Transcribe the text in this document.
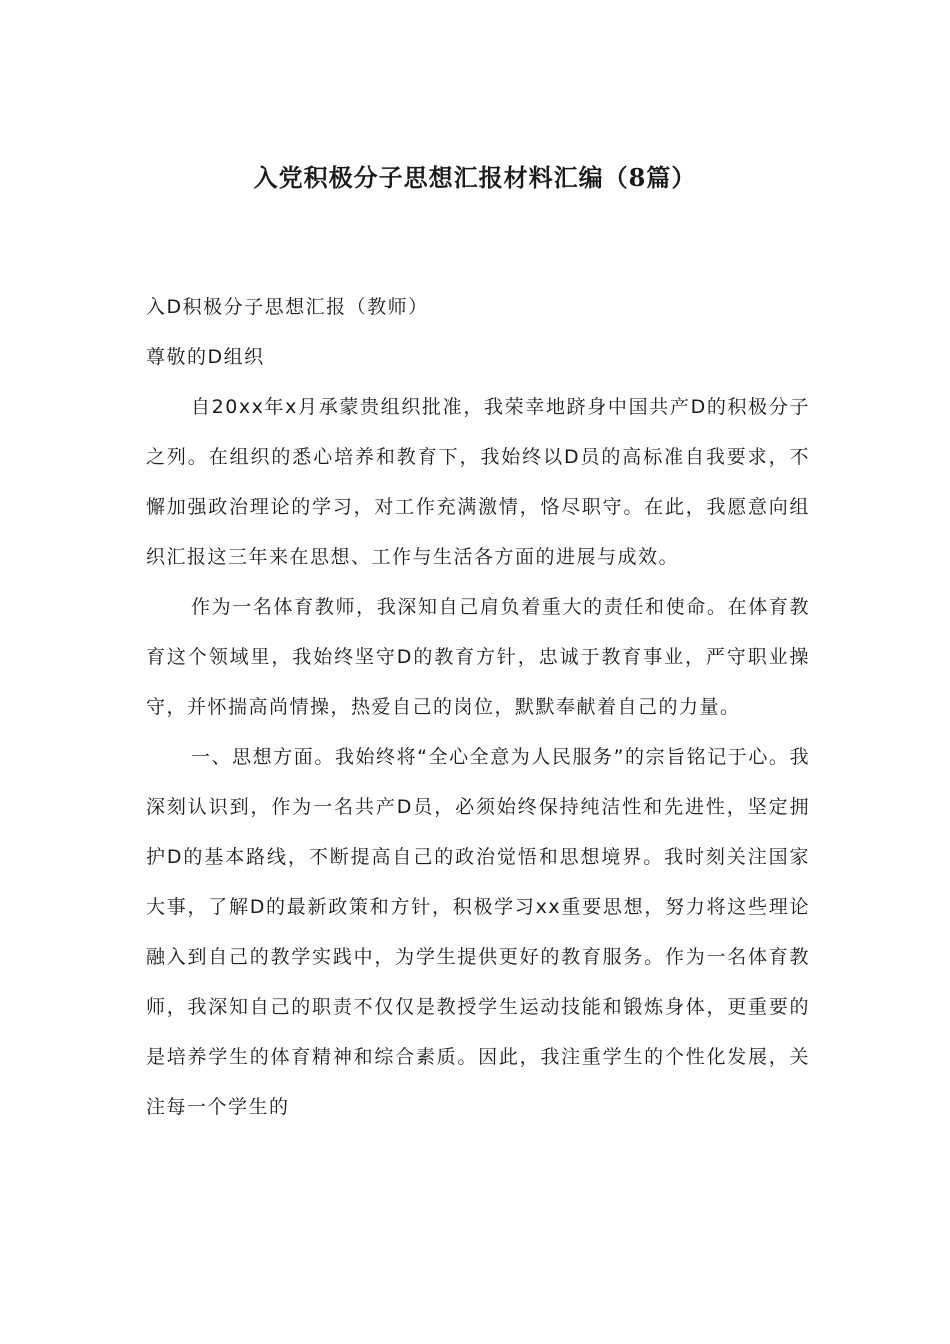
入党积极分子思想汇报材料汇编（8篇）

入D积极分子思想汇报（教师）

尊敬的D组织

自20xx年x月承蒙贵组织批准，我荣幸地跻身中国共产D的积极分子之列。在组织的悉心培养和教育下，我始终以D员的高标准自我要求，不懈加强政治理论的学习，对工作充满激情，恪尽职守。在此，我愿意向组织汇报这三年来在思想、工作与生活各方面的进展与成效。

作为一名体育教师，我深知自己肩负着重大的责任和使命。在体育教育这个领域里，我始终坚守D的教育方针，忠诚于教育事业，严守职业操守，并怀揣高尚情操，热爱自己的岗位，默默奉献着自己的力量。

一、思想方面。我始终将“全心全意为人民服务”的宗旨铭记于心。我深刻认识到，作为一名共产D员，必须始终保持纯洁性和先进性，坚定拥护D的基本路线，不断提高自己的政治觉悟和思想境界。我时刻关注国家大事，了解D的最新政策和方针，积极学习xx重要思想，努力将这些理论融入到自己的教学实践中，为学生提供更好的教育服务。作为一名体育教师，我深知自己的职责不仅仅是教授学生运动技能和锻炼身体，更重要的是培养学生的体育精神和综合素质。因此，我注重学生的个性化发展，关注每一个学生的
